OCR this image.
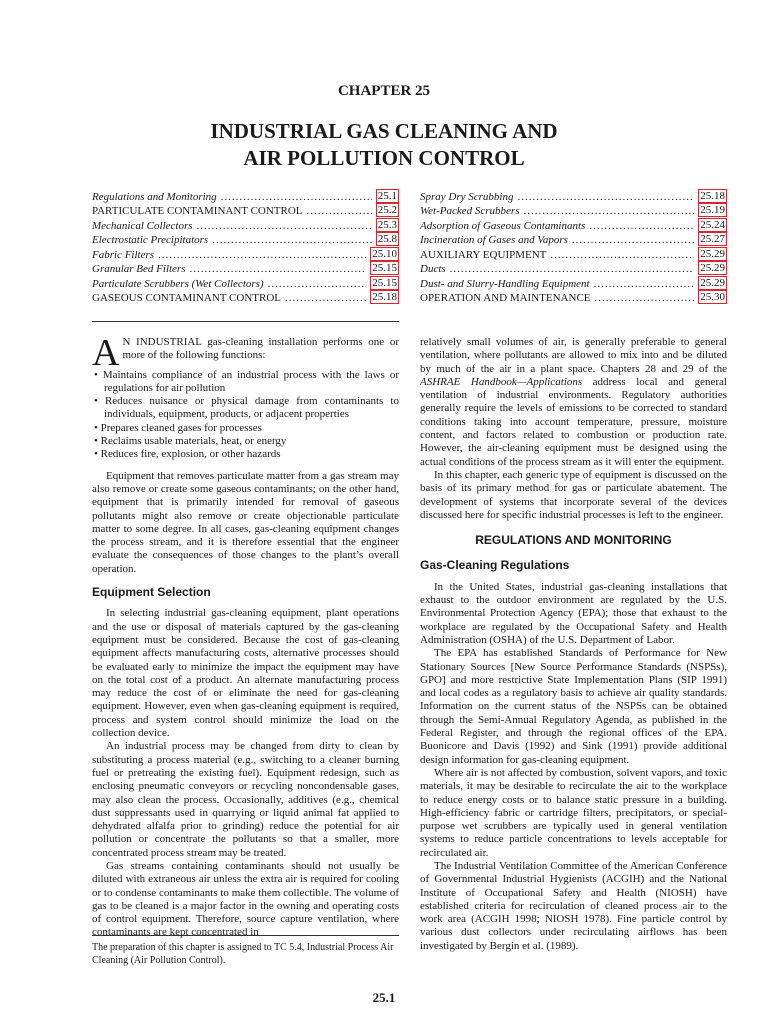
CHAPTER 25
INDUSTRIAL GAS CLEANING AND
AIR POLLUTION CONTROL
Regulations and Monitoring .....	25.1
PARTICULATE CONTAMINANT CONTROL .....	25.2
Mechanical Collectors .....	25.3
Electrostatic Precipitators .....	25.8
Fabric Filters .....	25.10
Granular Bed Filters .....	25.15
Particulate Scrubbers (Wet Collectors) .....	25.15
GASEOUS CONTAMINANT CONTROL .....	25.18
Spray Dry Scrubbing .....	25.18
Wet-Packed Scrubbers .....	25.19
Adsorption of Gaseous Contaminants .....	25.24
Incineration of Gases and Vapors .....	25.27
AUXILIARY EQUIPMENT .....	25.29
Ducts .....	25.29
Dust- and Slurry-Handling Equipment .....	25.29
OPERATION AND MAINTENANCE .....	25.30

A N INDUSTRIAL gas-cleaning installation performs one or more of the following functions:

• Maintains compliance of an industrial process with the laws or regulations for air pollution
• Reduces nuisance or physical damage from contaminants to individuals, equipment, products, or adjacent properties
• Prepares cleaned gases for processes
• Reclaims usable materials, heat, or energy
• Reduces fire, explosion, or other hazards

Equipment that removes particulate matter from a gas stream may also remove or create some gaseous contaminants; on the other hand, equipment that is primarily intended for removal of gaseous pollutants might also remove or create objectionable particulate matter to some degree. In all cases, gas-cleaning equipment changes the process stream, and it is therefore essential that the engineer evaluate the consequences of those changes to the plant’s overall operation.

Equipment Selection

In selecting industrial gas-cleaning equipment, plant operations and the use or disposal of materials captured by the gas-cleaning equipment must be considered. Because the cost of gas-cleaning equipment affects manufacturing costs, alternative processes should be evaluated early to minimize the impact the equipment may have on the total cost of a product. An alternate manufacturing process may reduce the cost of or eliminate the need for gas-cleaning equipment. However, even when gas-cleaning equipment is required, process and system control should minimize the load on the collection device.

An industrial process may be changed from dirty to clean by substituting a process material (e.g., switching to a cleaner burning fuel or pretreating the existing fuel). Equipment redesign, such as enclosing pneumatic conveyors or recycling noncondensable gases, may also clean the process. Occasionally, additives (e.g., chemical dust suppressants used in quarrying or liquid animal fat applied to dehydrated alfalfa prior to grinding) reduce the potential for air pollution or concentrate the pollutants so that a smaller, more concentrated process stream may be treated.

Gas streams containing contaminants should not usually be diluted with extraneous air unless the extra air is required for cooling or to condense contaminants to make them collectible. The volume of gas to be cleaned is a major factor in the owning and operating costs of control equipment. Therefore, source capture ventilation, where contaminants are kept concentrated in

relatively small volumes of air, is generally preferable to general ventilation, where pollutants are allowed to mix into and be diluted by much of the air in a plant space. Chapters 28 and 29 of the ASHRAE Handbook—Applications address local and general ventilation of industrial environments. Regulatory authorities generally require the levels of emissions to be corrected to standard conditions taking into account temperature, pressure, moisture content, and factors related to combustion or production rate. However, the air-cleaning equipment must be designed using the actual conditions of the process stream as it will enter the equipment.

In this chapter, each generic type of equipment is discussed on the basis of its primary method for gas or particulate abatement. The development of systems that incorporate several of the devices discussed here for specific industrial processes is left to the engineer.

REGULATIONS AND MONITORING
Gas-Cleaning Regulations

In the United States, industrial gas-cleaning installations that exhaust to the outdoor environment are regulated by the U.S. Environmental Protection Agency (EPA); those that exhaust to the workplace are regulated by the Occupational Safety and Health Administration (OSHA) of the U.S. Department of Labor.

The EPA has established Standards of Performance for New Stationary Sources [New Source Performance Standards (NSPSs), GPO] and more restrictive State Implementation Plans (SIP 1991) and local codes as a regulatory basis to achieve air quality standards. Information on the current status of the NSPSs can be obtained through the Semi-Annual Regulatory Agenda, as published in the Federal Register, and through the regional offices of the EPA. Buonicore and Davis (1992) and Sink (1991) provide additional design information for gas-cleaning equipment.

Where air is not affected by combustion, solvent vapors, and toxic materials, it may be desirable to recirculate the air to the workplace to reduce energy costs or to balance static pressure in a building. High-efficiency fabric or cartridge filters, precipitators, or special-purpose wet scrubbers are typically used in general ventilation systems to reduce particle concentrations to levels acceptable for recirculated air.

The Industrial Ventilation Committee of the American Conference of Governmental Industrial Hygienists (ACGIH) and the National Institute of Occupational Safety and Health (NIOSH) have established criteria for recirculation of cleaned process air to the work area (ACGIH 1998; NIOSH 1978). Fine particle control by various dust collectors under recirculating airflows has been investigated by Bergin et al. (1989).

The preparation of this chapter is assigned to TC 5.4, Industrial Process Air Cleaning (Air Pollution Control).
25.1
